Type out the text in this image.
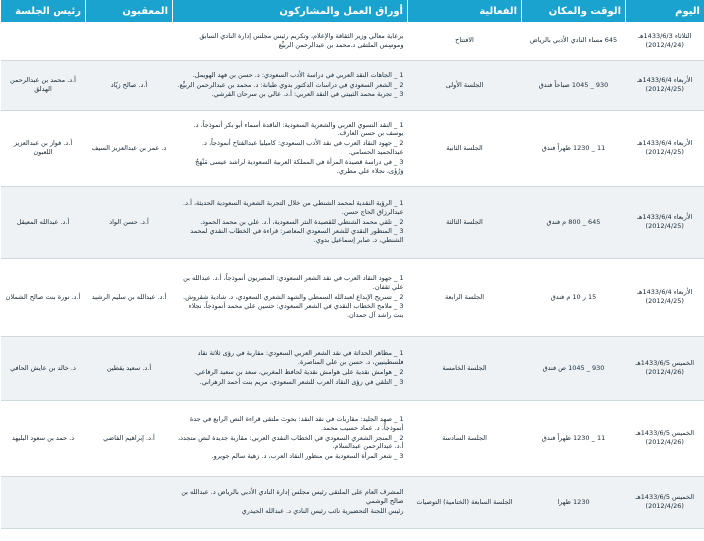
اليوم	الوقت والمكان	الفعالية	أوراق العمل والمشاركون	المعقبون	رئيس الجلسة
الثلاثاء 1433/6/3هـ (2012/4/24)	645 مساء النادي الأدبي بالرياض	الافتتاح	برعاية معالي وزير الثقافة والإعلام، وتكريم رئيس مجلس إدارة النادي السابق وموسِس الملتقى د.محمد بن عبدالرحمن الربيِّع		

الأربعاء 1433/6/4هـ (2012/4/25)	930 _ 1045 صباحاً فندق	الجلسة الأولى	1 _ الجاهات النقد العربي في دراسة الأدب السعودي: د. حسن بن فهد الهويمل.
2 _ الشعر السعودي في دراسات الدكتور بدوي طبانة: د. محمد بن عبدالرحمن الربيِّع.
3 _ تجربة محمد الثبيتي في النقد العربي: أ.د. عالي بن سرحان القرشي.	أ.د. صالح زيّاد	أ.د. محمد بن عبدالرحمن الهدلق
الأربعاء 1433/6/4هـ (2012/4/25)	11 _ 1230 ظهراً فندق	الجلسة الثانية	1 _ النقد النسوي العربي والشعرية السعودية: الناقدة أسماء أبو بكر أنموذجاً، د. يوسف بن حسن العارف.
2 _ جهود النقاد العرب في نقد الأدب السعودي: كاميليا عبدالفتاح أنموذجاً، د. عبدالحميد الحسامي.
3 _ في دراسة قصيدة المرأة في المملكة العربية السعودية لراشد عيسى مَنْهَجٌ وَرُؤَى، نجلاء علي مطري.	د. عمر بن عبدالعزيز السيف	أ.د. فواز بن عبدالعزيز اللعبون
الأربعاء 1433/6/4هـ (2012/4/25)	645 _ 800 م فندق	الجلسة الثالثة	1 _ الرؤية النقدية لمحمد الشنطي من خلال التجربة الشعرية السعودية الحديثة، أ.د. عبدالرزاق الحاج حسن.
2 _ تلقي محمد الشنطي للقصيدة النثر السعودية، أ.د. علي بن محمد الحمود.
3 _ المنظور النقدي للشعر السعودي المعاصر: قراءة في الخطاب النقدي لمحمد الشنطي، د. صابر إسماعيل بدوي.	أ.د. حسن الواد	أ.د. عبدالله المعيقل
الأربعاء 1433/6/4هـ (2012/4/25)	15 ر 10 م فندق	الجلسة الرابعة	1 _ جهود النقاد العرب في نقد الشعر السعودي: المصريون أنموذجاً، أ.د. عبدالله بن علي ثقفان.
2 _ تسريح الإبداع لعبدالله السمطي والشهد الشعري السعودي، د. شادية شقروش.
3 _ ملامح الخطاب النقدي في الشعر السعودي: حسين علي محمد أنموذجاً، نجلاء بنت راشد آل حمدان.	أ.د. عبدالله بن سليم الرشيد	أ.د. نورة بنت صالح الشملان
الخميس 1433/6/5هـ (2012/4/26)	930 _ 1045 ص فندق	الجلسة الخامسة	1 _ مظاهر الحداثة في نقد الشعر العربي السعودي: مقاربة في رؤى ثلاثة نقاد فلسطينيين، د. حسن بن علي المناصرة.
2 _ هوامش نقدية على هوامش نقدية لحافظ المغربي، سعد بن سعيد الرفاعي.
3 _ التلقي في رؤى النقاد العرب للشعر السعودي، مريم بنت أحمد الزهراني.	أ.د. سعيد يقطين	د. خالد بن عايش الحافي
الخميس 1433/6/5هـ (2012/4/26)	11 _ 1230 ظهراً فندق	الجلسة السادسة	1 _ صهد الجليد: مقاربات في نقد النقد: بحوث ملتقى قراءة النص الرابع في جدة أنموذجاً، د. عماد حسيب محمد.
2 _ المنجز الشعري السعودي في الخطاب النقدي العربي: مقاربة جديدة لنص متجدد، أ.د. عبدالرحمن عبدالسلام.
3 _ شعر المرأة السعودية من منظور النقاد العرب، د. زهية سالم جويرو.	أ.د. إبراهيم الفاضي	د. حمد بن سعود البليهد
الخميس 1433/6/5هـ (2012/4/26)	1230 ظهرا	الجلسة السابعة (الختامية) التوصيات	المشرف العام على الملتقى رئيس مجلس إدارة النادي الأدبي بالرياض د. عبدالله بن صالح الوشمي
رئيس اللجنة التحضيرية نائب رئيس النادي د. عبدالله الحيدري		
